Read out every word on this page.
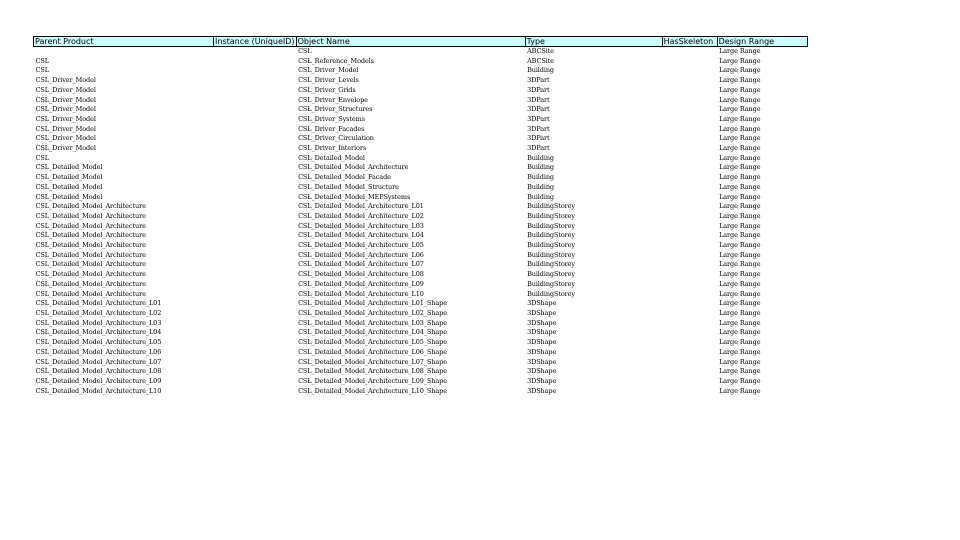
Parent Product	Instance (UniqueID)	Object Name	Type	HasSkeleton	Design Range
		CSL	ABCSite		Large Range
CSL		CSL_Reference_Models	ABCSite		Large Range
CSL		CSL_Driver_Model	Building		Large Range
CSL_Driver_Model		CSL_Driver_Levels	3DPart		Large Range
CSL_Driver_Model		CSL_Driver_Grids	3DPart		Large Range
CSL_Driver_Model		CSL_Driver_Envelope	3DPart		Large Range
CSL_Driver_Model		CSL_Driver_Structures	3DPart		Large Range
CSL_Driver_Model		CSL_Driver_Systems	3DPart		Large Range
CSL_Driver_Model		CSL_Driver_Facades	3DPart		Large Range
CSL_Driver_Model		CSL_Driver_Circulation	3DPart		Large Range
CSL_Driver_Model		CSL_Driver_Interiors	3DPart		Large Range
CSL		CSL_Detailed_Model	Building		Large Range
CSL_Detailed_Model		CSL_Detailed_Model_Architecture	Building		Large Range
CSL_Detailed_Model		CSL_Detailed_Model_Facade	Building		Large Range
CSL_Detailed_Model		CSL_Detailed_Model_Structure	Building		Large Range
CSL_Detailed_Model		CSL_Detailed_Model_MEPSystems	Building		Large Range
CSL_Detailed_Model_Architecture		CSL_Detailed_Model_Architecture_L01	BuildingStorey		Large Range
CSL_Detailed_Model_Architecture		CSL_Detailed_Model_Architecture_L02	BuildingStorey		Large Range
CSL_Detailed_Model_Architecture		CSL_Detailed_Model_Architecture_L03	BuildingStorey		Large Range
CSL_Detailed_Model_Architecture		CSL_Detailed_Model_Architecture_L04	BuildingStorey		Large Range
CSL_Detailed_Model_Architecture		CSL_Detailed_Model_Architecture_L05	BuildingStorey		Large Range
CSL_Detailed_Model_Architecture		CSL_Detailed_Model_Architecture_L06	BuildingStorey		Large Range
CSL_Detailed_Model_Architecture		CSL_Detailed_Model_Architecture_L07	BuildingStorey		Large Range
CSL_Detailed_Model_Architecture		CSL_Detailed_Model_Architecture_L08	BuildingStorey		Large Range
CSL_Detailed_Model_Architecture		CSL_Detailed_Model_Architecture_L09	BuildingStorey		Large Range
CSL_Detailed_Model_Architecture		CSL_Detailed_Model_Architecture_L10	BuildingStorey		Large Range
CSL_Detailed_Model_Architecture_L01		CSL_Detailed_Model_Architecture_L01_Shape	3DShape		Large Range
CSL_Detailed_Model_Architecture_L02		CSL_Detailed_Model_Architecture_L02_Shape	3DShape		Large Range
CSL_Detailed_Model_Architecture_L03		CSL_Detailed_Model_Architecture_L03_Shape	3DShape		Large Range
CSL_Detailed_Model_Architecture_L04		CSL_Detailed_Model_Architecture_L04_Shape	3DShape		Large Range
CSL_Detailed_Model_Architecture_L05		CSL_Detailed_Model_Architecture_L05_Shape	3DShape		Large Range
CSL_Detailed_Model_Architecture_L06		CSL_Detailed_Model_Architecture_L06_Shape	3DShape		Large Range
CSL_Detailed_Model_Architecture_L07		CSL_Detailed_Model_Architecture_L07_Shape	3DShape		Large Range
CSL_Detailed_Model_Architecture_L08		CSL_Detailed_Model_Architecture_L08_Shape	3DShape		Large Range
CSL_Detailed_Model_Architecture_L09		CSL_Detailed_Model_Architecture_L09_Shape	3DShape		Large Range
CSL_Detailed_Model_Architecture_L10		CSL_Detailed_Model_Architecture_L10_Shape	3DShape		Large Range
